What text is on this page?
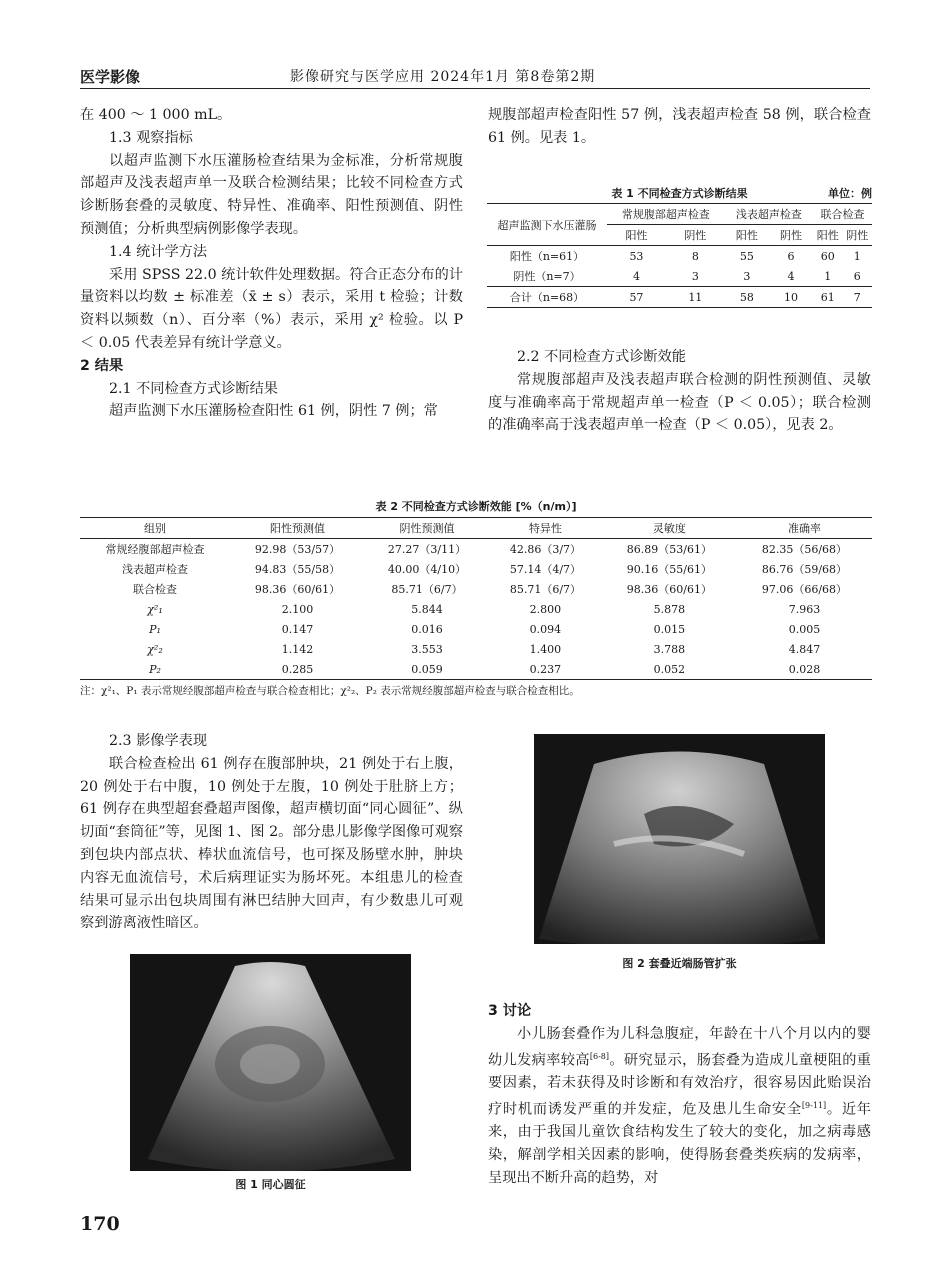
医学影像	影像研究与医学应用 2024年1月 第8卷第2期

在 400 ～ 1 000 mL。

1.3 观察指标

以超声监测下水压灌肠检查结果为金标准，分析常规腹部超声及浅表超声单一及联合检测结果；比较不同检查方式诊断肠套叠的灵敏度、特异性、准确率、阳性预测值、阴性预测值；分析典型病例影像学表现。

1.4 统计学方法

采用 SPSS 22.0 统计软件处理数据。符合正态分布的计量资料以均数 ± 标准差（x̄ ± s）表示，采用 t 检验；计数资料以频数（n）、百分率（%）表示，采用 χ² 检验。以 P ＜ 0.05 代表差异有统计学意义。

2 结果

2.1 不同检查方式诊断结果

超声监测下水压灌肠检查阳性 61 例，阴性 7 例；常

规腹部超声检查阳性 57 例，浅表超声检查 58 例，联合检查 61 例。见表 1。

表 1 不同检查方式诊断结果	单位：例
超声监测下水压灌肠	常规腹部超声检查		浅表超声检查		联合检查	
	阳性	阴性	阳性	阴性	阳性	阴性
阳性（n=61）	53	8	55	6	60	1
阴性（n=7）	4	3	3	4	1	6
合计（n=68）	57	11	58	10	61	7

2.2 不同检查方式诊断效能

常规腹部超声及浅表超声联合检测的阴性预测值、灵敏度与准确率高于常规超声单一检查（P ＜ 0.05）；联合检测的准确率高于浅表超声单一检查（P ＜ 0.05），见表 2。

表 2 不同检查方式诊断效能 [%（n/m）]
组别	阳性预测值	阴性预测值	特异性	灵敏度	准确率
常规经腹部超声检查	92.98（53/57）	27.27（3/11）	42.86（3/7）	86.89（53/61）	82.35（56/68）
浅表超声检查	94.83（55/58）	40.00（4/10）	57.14（4/7）	90.16（55/61）	86.76（59/68）
联合检查	98.36（60/61）	85.71（6/7）	85.71（6/7）	98.36（60/61）	97.06（66/68）
χ²₁	2.100	5.844	2.800	5.878	7.963
P₁	0.147	0.016	0.094	0.015	0.005
χ²₂	1.142	3.553	1.400	3.788	4.847
P₂	0.285	0.059	0.237	0.052	0.028
注：χ²₁、P₁ 表示常规经腹部超声检查与联合检查相比；χ²₂、P₂ 表示常规经腹部超声检查与联合检查相比。

2.3 影像学表现

联合检查检出 61 例存在腹部肿块，21 例处于右上腹，20 例处于右中腹，10 例处于左腹，10 例处于肚脐上方；61 例存在典型超套叠超声图像，超声横切面“同心圆征”、纵切面“套筒征”等，见图 1、图 2。部分患儿影像学图像可观察到包块内部点状、棒状血流信号，也可探及肠壁水肿，肿块内容无血流信号，术后病理证实为肠坏死。本组患儿的检查结果可显示出包块周围有淋巴结肿大回声，有少数患儿可观察到游离液性暗区。

图 1 同心圆征
图 2 套叠近端肠管扩张

3 讨论

小儿肠套叠作为儿科急腹症，年龄在十八个月以内的婴幼儿发病率较高[6-8]。研究显示，肠套叠为造成儿童梗阻的重要因素，若未获得及时诊断和有效治疗，很容易因此贻误治疗时机而诱发严重的并发症，危及患儿生命安全[9-11]。近年来，由于我国儿童饮食结构发生了较大的变化，加之病毒感染，解剖学相关因素的影响，使得肠套叠类疾病的发病率，呈现出不断升高的趋势，对

170
